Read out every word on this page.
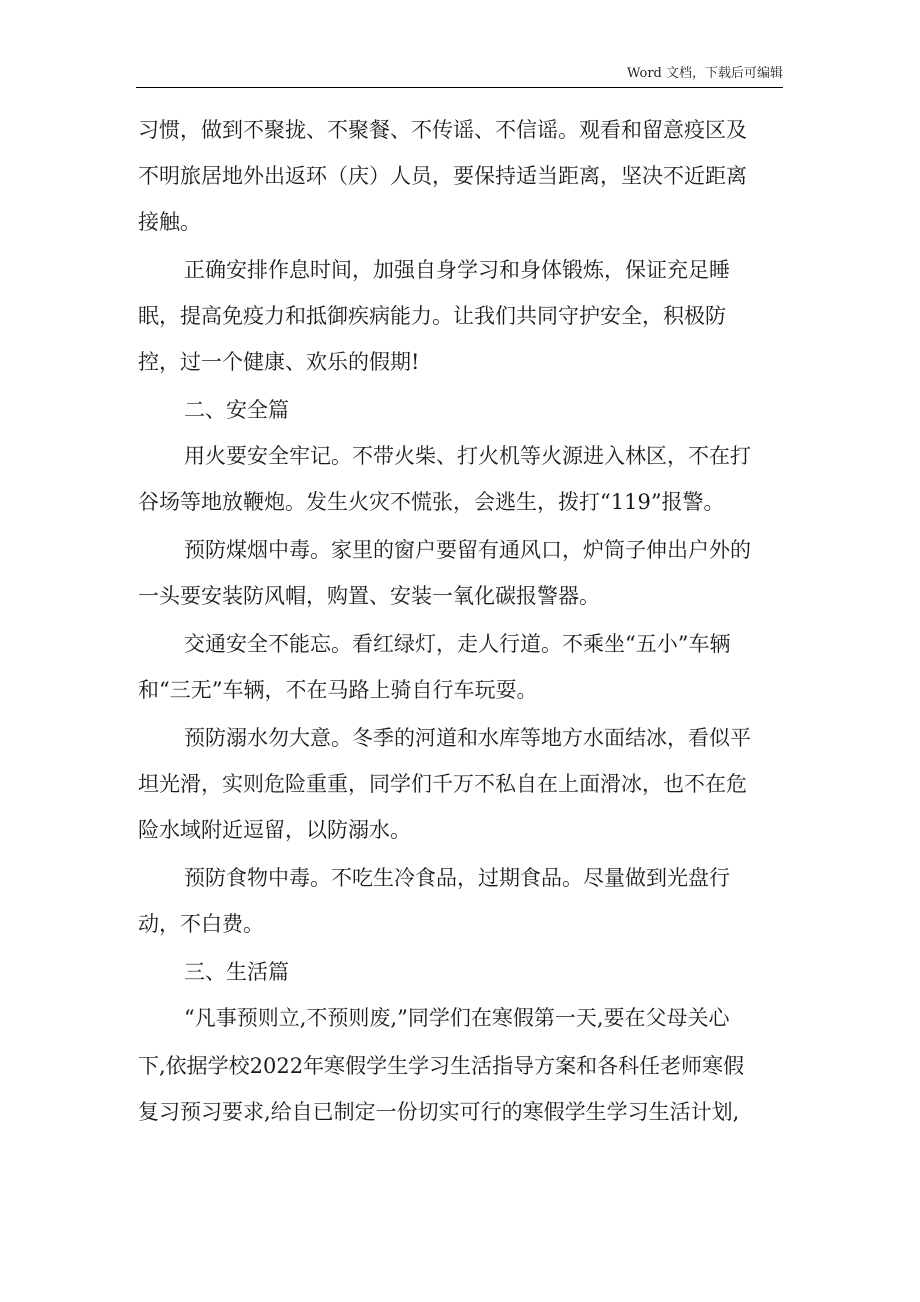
Word 文档，下载后可编辑
习惯，做到不聚拢、不聚餐、不传谣、不信谣。观看和留意疫区及
不明旅居地外出返环（庆）人员，要保持适当距离，坚决不近距离
接触。
正确安排作息时间，加强自身学习和身体锻炼，保证充足睡
眠，提高免疫力和抵御疾病能力。让我们共同守护安全，积极防
控，过一个健康、欢乐的假期!
二、安全篇
用火要安全牢记。不带火柴、打火机等火源进入林区，不在打
谷场等地放鞭炮。发生火灾不慌张，会逃生，拨打“119”报警。
预防煤烟中毒。家里的窗户要留有通风口，炉筒子伸出户外的
一头要安装防风帽，购置、安装一氧化碳报警器。
交通安全不能忘。看红绿灯，走人行道。不乘坐“五小”车辆
和“三无”车辆，不在马路上骑自行车玩耍。
预防溺水勿大意。冬季的河道和水库等地方水面结冰，看似平
坦光滑，实则危险重重，同学们千万不私自在上面滑冰，也不在危
险水域附近逗留，以防溺水。
预防食物中毒。不吃生冷食品，过期食品。尽量做到光盘行
动，不白费。
三、生活篇
“凡事预则立,不预则废,”同学们在寒假第一天,要在父母关心
下,依据学校2022年寒假学生学习生活指导方案和各科任老师寒假
复习预习要求,给自已制定一份切实可行的寒假学生学习生活计划,
